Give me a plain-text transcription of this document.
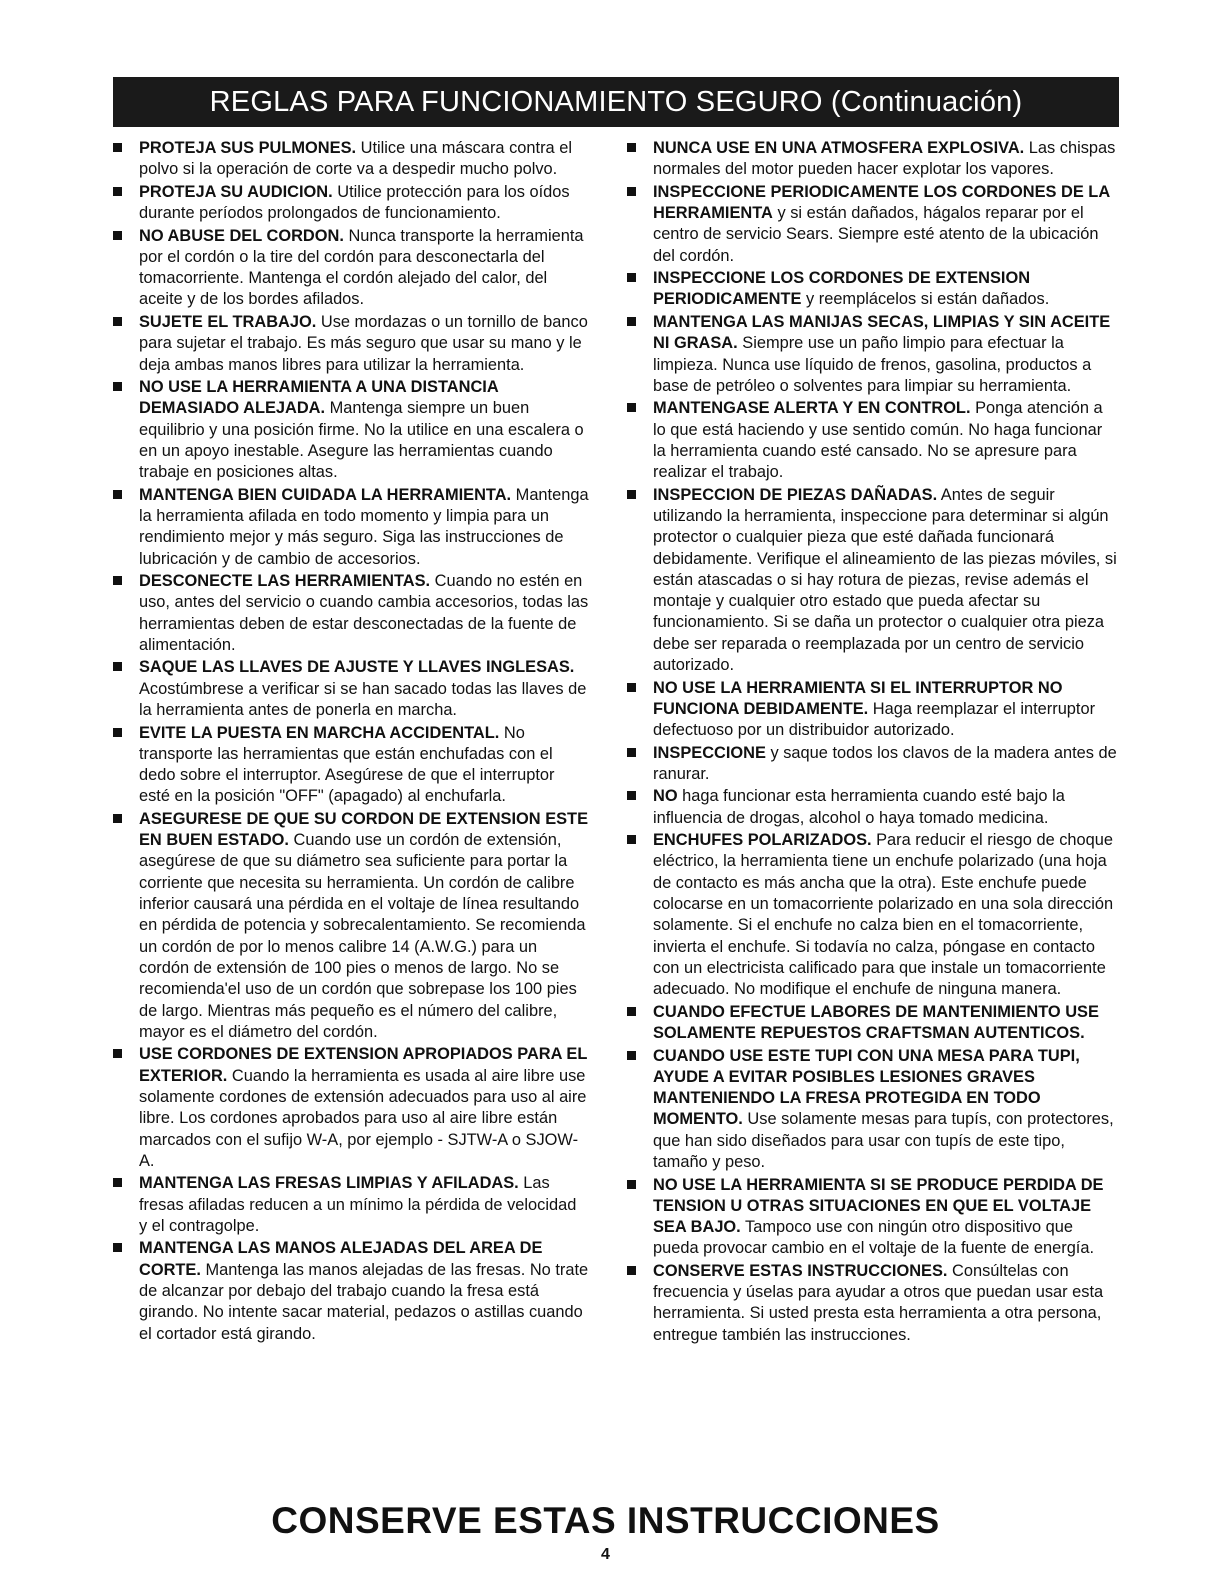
REGLAS PARA FUNCIONAMIENTO SEGURO (Continuación)
PROTEJA SUS PULMONES. Utilice una máscara contra el polvo si la operación de corte va a despedir mucho polvo.
PROTEJA SU AUDICION. Utilice protección para los oídos durante períodos prolongados de funcionamiento.
NO ABUSE DEL CORDON. Nunca transporte la herramienta por el cordón o la tire del cordón para desconectarla del tomacorriente. Mantenga el cordón alejado del calor, del aceite y de los bordes afilados.
SUJETE EL TRABAJO. Use mordazas o un tornillo de banco para sujetar el trabajo. Es más seguro que usar su mano y le deja ambas manos libres para utilizar la herramienta.
NO USE LA HERRAMIENTA A UNA DISTANCIA DEMASIADO ALEJADA. Mantenga siempre un buen equilibrio y una posición firme. No la utilice en una escalera o en un apoyo inestable. Asegure las herramientas cuando trabaje en posiciones altas.
MANTENGA BIEN CUIDADA LA HERRAMIENTA. Mantenga la herramienta afilada en todo momento y limpia para un rendimiento mejor y más seguro. Siga las instrucciones de lubricación y de cambio de accesorios.
DESCONECTE LAS HERRAMIENTAS. Cuando no estén en uso, antes del servicio o cuando cambia accesorios, todas las herramientas deben de estar desconectadas de la fuente de alimentación.
SAQUE LAS LLAVES DE AJUSTE Y LLAVES INGLESAS. Acostúmbrese a verificar si se han sacado todas las llaves de la herramienta antes de ponerla en marcha.
EVITE LA PUESTA EN MARCHA ACCIDENTAL. No transporte las herramientas que están enchufadas con el dedo sobre el interruptor. Asegúrese de que el interruptor esté en la posición "OFF" (apagado) al enchufarla.
ASEGURESE DE QUE SU CORDON DE EXTENSION ESTE EN BUEN ESTADO. Cuando use un cordón de extensión, asegúrese de que su diámetro sea suficiente para portar la corriente que necesita su herramienta. Un cordón de calibre inferior causará una pérdida en el voltaje de línea resultando en pérdida de potencia y sobrecalentamiento. Se recomienda un cordón de por lo menos calibre 14 (A.W.G.) para un cordón de extensión de 100 pies o menos de largo. No se recomienda'el uso de un cordón que sobrepase los 100 pies de largo. Mientras más pequeño es el número del calibre, mayor es el diámetro del cordón.
USE CORDONES DE EXTENSION APROPIADOS PARA EL EXTERIOR. Cuando la herramienta es usada al aire libre use solamente cordones de extensión adecuados para uso al aire libre. Los cordones aprobados para uso al aire libre están marcados con el sufijo W-A, por ejemplo - SJTW-A o SJOW-A.
MANTENGA LAS FRESAS LIMPIAS Y AFILADAS. Las fresas afiladas reducen a un mínimo la pérdida de velocidad y el contragolpe.
MANTENGA LAS MANOS ALEJADAS DEL AREA DE CORTE. Mantenga las manos alejadas de las fresas. No trate de alcanzar por debajo del trabajo cuando la fresa está girando. No intente sacar material, pedazos o astillas cuando el cortador está girando.
NUNCA USE EN UNA ATMOSFERA EXPLOSIVA. Las chispas normales del motor pueden hacer explotar los vapores.
INSPECCIONE PERIODICAMENTE LOS CORDONES DE LA HERRAMIENTA y si están dañados, hágalos reparar por el centro de servicio Sears. Siempre esté atento de la ubicación del cordón.
INSPECCIONE LOS CORDONES DE EXTENSION PERIODICAMENTE y reemplácelos si están dañados.
MANTENGA LAS MANIJAS SECAS, LIMPIAS Y SIN ACEITE NI GRASA. Siempre use un paño limpio para efectuar la limpieza. Nunca use líquido de frenos, gasolina, productos a base de petróleo o solventes para limpiar su herramienta.
MANTENGASE ALERTA Y EN CONTROL. Ponga atención a lo que está haciendo y use sentido común. No haga funcionar la herramienta cuando esté cansado. No se apresure para realizar el trabajo.
INSPECCION DE PIEZAS DAÑADAS. Antes de seguir utilizando la herramienta, inspeccione para determinar si algún protector o cualquier pieza que esté dañada funcionará debidamente. Verifique el alineamiento de las piezas móviles, si están atascadas o si hay rotura de piezas, revise además el montaje y cualquier otro estado que pueda afectar su funcionamiento. Si se daña un protector o cualquier otra pieza debe ser reparada o reemplazada por un centro de servicio autorizado.
NO USE LA HERRAMIENTA SI EL INTERRUPTOR NO FUNCIONA DEBIDAMENTE. Haga reemplazar el interruptor defectuoso por un distribuidor autorizado.
INSPECCIONE y saque todos los clavos de la madera antes de ranurar.
NO haga funcionar esta herramienta cuando esté bajo la influencia de drogas, alcohol o haya tomado medicina.
ENCHUFES POLARIZADOS. Para reducir el riesgo de choque eléctrico, la herramienta tiene un enchufe polarizado (una hoja de contacto es más ancha que la otra). Este enchufe puede colocarse en un tomacorriente polarizado en una sola dirección solamente. Si el enchufe no calza bien en el tomacorriente, invierta el enchufe. Si todavía no calza, póngase en contacto con un electricista calificado para que instale un tomacorriente adecuado. No modifique el enchufe de ninguna manera.
CUANDO EFECTUE LABORES DE MANTENIMIENTO USE SOLAMENTE REPUESTOS CRAFTSMAN AUTENTICOS.
CUANDO USE ESTE TUPI CON UNA MESA PARA TUPI, AYUDE A EVITAR POSIBLES LESIONES GRAVES MANTENIENDO LA FRESA PROTEGIDA EN TODO MOMENTO. Use solamente mesas para tupís, con protectores, que han sido diseñados para usar con tupís de este tipo, tamaño y peso.
NO USE LA HERRAMIENTA SI SE PRODUCE PERDIDA DE TENSION U OTRAS SITUACIONES EN QUE EL VOLTAJE SEA BAJO. Tampoco use con ningún otro dispositivo que pueda provocar cambio en el voltaje de la fuente de energía.
CONSERVE ESTAS INSTRUCCIONES. Consúltelas con frecuencia y úselas para ayudar a otros que puedan usar esta herramienta. Si usted presta esta herramienta a otra persona, entregue también las instrucciones.
CONSERVE ESTAS INSTRUCCIONES
4
